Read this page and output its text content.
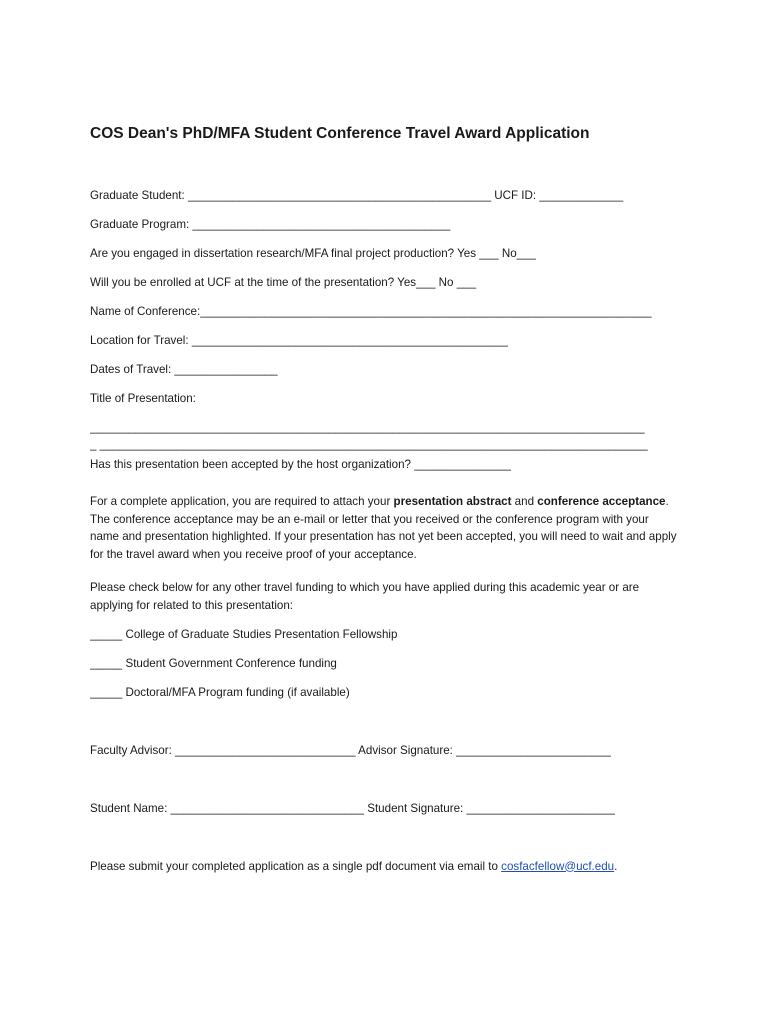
COS Dean's PhD/MFA Student Conference Travel Award Application
Graduate Student: _______________________________________________ UCF ID: _____________
Graduate Program: ________________________________________
Are you engaged in dissertation research/MFA final project production? Yes ___ No___
Will you be enrolled at UCF at the time of the presentation? Yes___ No ___
Name of Conference:______________________________________________________________________
Location for Travel: _________________________________________________
Dates of Travel: ________________
Title of Presentation:
______________________________________________________________________________________
_ _____________________________________________________________________________________
Has this presentation been accepted by the host organization? _______________

For a complete application, you are required to attach your presentation abstract and conference acceptance. The conference acceptance may be an e-mail or letter that you received or the conference program with your name and presentation highlighted. If your presentation has not yet been accepted, you will need to wait and apply for the travel award when you receive proof of your acceptance.

Please check below for any other travel funding to which you have applied during this academic year or are applying for related to this presentation:

_____ College of Graduate Studies Presentation Fellowship
_____ Student Government Conference funding
_____ Doctoral/MFA Program funding (if available)
Faculty Advisor: ____________________________ Advisor Signature: ________________________
Student Name: ______________________________ Student Signature: _______________________
Please submit your completed application as a single pdf document via email to cosfacfellow@ucf.edu.
